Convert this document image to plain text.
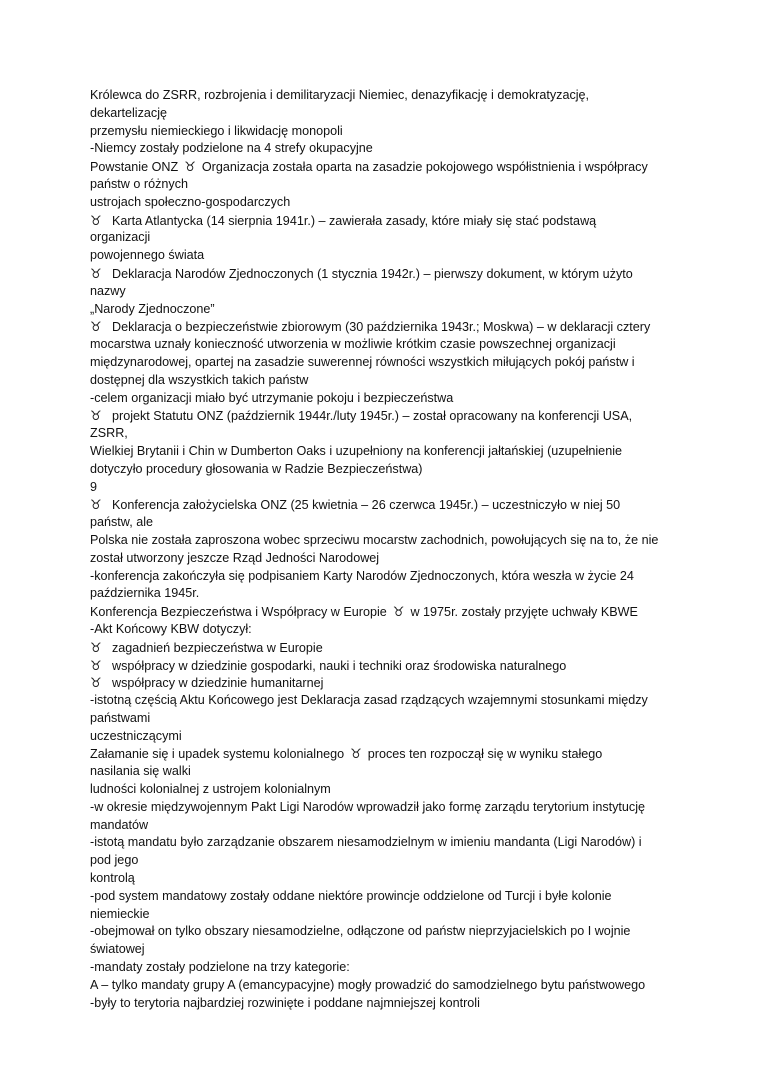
Królewca do ZSRR, rozbrojenia i demilitaryzacji Niemiec, denazyfikację i demokratyzację,
dekartelizację
przemysłu niemieckiego i likwidację monopoli
-Niemcy zostały podzielone na 4 strefy okupacyjne
Powstanie ONZ ♉ Organizacja została oparta na zasadzie pokojowego współistnienia i współpracy
państw o różnych
ustrojach społeczno-gospodarczych
♉ Karta Atlantycka (14 sierpnia 1941r.) – zawierała zasady, które miały się stać podstawą
organizacji
powojennego świata
♉ Deklaracja Narodów Zjednoczonych (1 stycznia 1942r.) – pierwszy dokument, w którym użyto
nazwy
„Narody Zjednoczone”
♉ Deklaracja o bezpieczeństwie zbiorowym (30 października 1943r.; Moskwa) – w deklaracji cztery
mocarstwa uznały konieczność utworzenia w możliwie krótkim czasie powszechnej organizacji
międzynarodowej, opartej na zasadzie suwerennej równości wszystkich miłujących pokój państw i
dostępnej dla wszystkich takich państw
-celem organizacji miało być utrzymanie pokoju i bezpieczeństwa
♉ projekt Statutu ONZ (październik 1944r./luty 1945r.) – został opracowany na konferencji USA,
ZSRR,
Wielkiej Brytanii i Chin w Dumberton Oaks i uzupełniony na konferencji jałtańskiej (uzupełnienie
dotyczyło procedury głosowania w Radzie Bezpieczeństwa)
9
♉ Konferencja założycielska ONZ (25 kwietnia – 26 czerwca 1945r.) – uczestniczyło w niej 50
państw, ale
Polska nie została zaproszona wobec sprzeciwu mocarstw zachodnich, powołujących się na to, że nie
został utworzony jeszcze Rząd Jedności Narodowej
-konferencja zakończyła się podpisaniem Karty Narodów Zjednoczonych, która weszła w życie 24
października 1945r.
Konferencja Bezpieczeństwa i Współpracy w Europie ♉ w 1975r. zostały przyjęte uchwały KBWE
-Akt Końcowy KBW dotyczył:
♉ zagadnień bezpieczeństwa w Europie
♉ współpracy w dziedzinie gospodarki, nauki i techniki oraz środowiska naturalnego
♉ współpracy w dziedzinie humanitarnej
-istotną częścią Aktu Końcowego jest Deklaracja zasad rządzących wzajemnymi stosunkami między
państwami
uczestniczącymi
Załamanie się i upadek systemu kolonialnego ♉ proces ten rozpoczął się w wyniku stałego
nasilania się walki
ludności kolonialnej z ustrojem kolonialnym
-w okresie międzywojennym Pakt Ligi Narodów wprowadził jako formę zarządu terytorium instytucję
mandatów
-istotą mandatu było zarządzanie obszarem niesamodzielnym w imieniu mandanta (Ligi Narodów) i
pod jego
kontrolą
-pod system mandatowy zostały oddane niektóre prowincje oddzielone od Turcji i byłe kolonie
niemieckie
-obejmował on tylko obszary niesamodzielne, odłączone od państw nieprzyjacielskich po I wojnie
światowej
-mandaty zostały podzielone na trzy kategorie:
A – tylko mandaty grupy A (emancypacyjne) mogły prowadzić do samodzielnego bytu państwowego
-były to terytoria najbardziej rozwinięte i poddane najmniejszej kontroli
